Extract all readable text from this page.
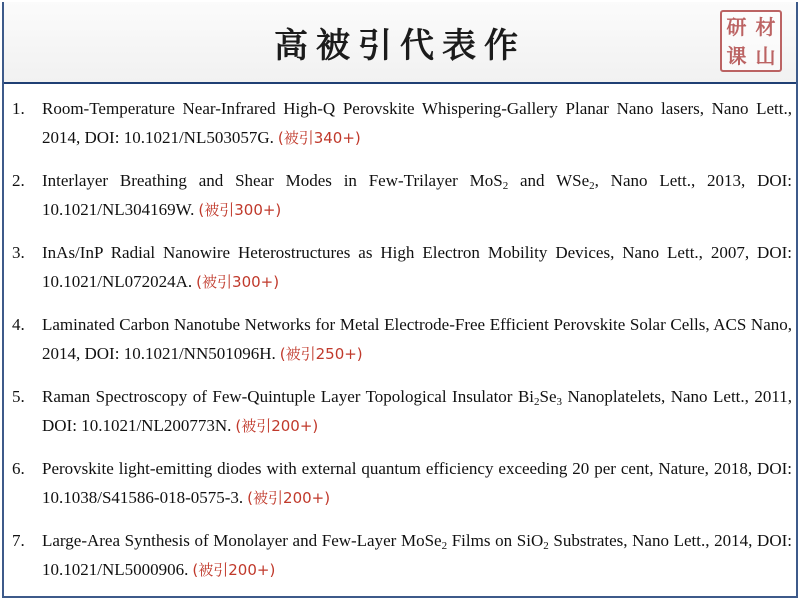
高被引代表作	研 材
课 山
1.	Room-Temperature Near-Infrared High-Q Perovskite Whispering-Gallery Planar Nano lasers, Nano Lett., 2014, DOI: 10.1021/NL503057G. (被引340+)
2.	Interlayer Breathing and Shear Modes in Few-Trilayer MoS$_2$ and WSe$_2$, Nano Lett., 2013, DOI: 10.1021/NL304169W. (被引300+)
3.	InAs/InP Radial Nanowire Heterostructures as High Electron Mobility Devices, Nano Lett., 2007, DOI: 10.1021/NL072024A. (被引300+)
4.	Laminated Carbon Nanotube Networks for Metal Electrode-Free Efficient Perovskite Solar Cells, ACS Nano, 2014, DOI: 10.1021/NN501096H. (被引250+)
5.	Raman Spectroscopy of Few-Quintuple Layer Topological Insulator $Bi_2Se_3$ Nanoplatelets, Nano Lett., 2011, DOI: 10.1021/NL200773N. (被引200+)
6.	Perovskite light-emitting diodes with external quantum efficiency exceeding 20 per cent, Nature, 2018, DOI: 10.1038/S41586-018-0575-3. (被引200+)
7.	Large-Area Synthesis of Monolayer and Few-Layer MoSe$_2$ Films on SiO$_2$ Substrates, Nano Lett., 2014, DOI: 10.1021/NL5000906. (被引200+)
